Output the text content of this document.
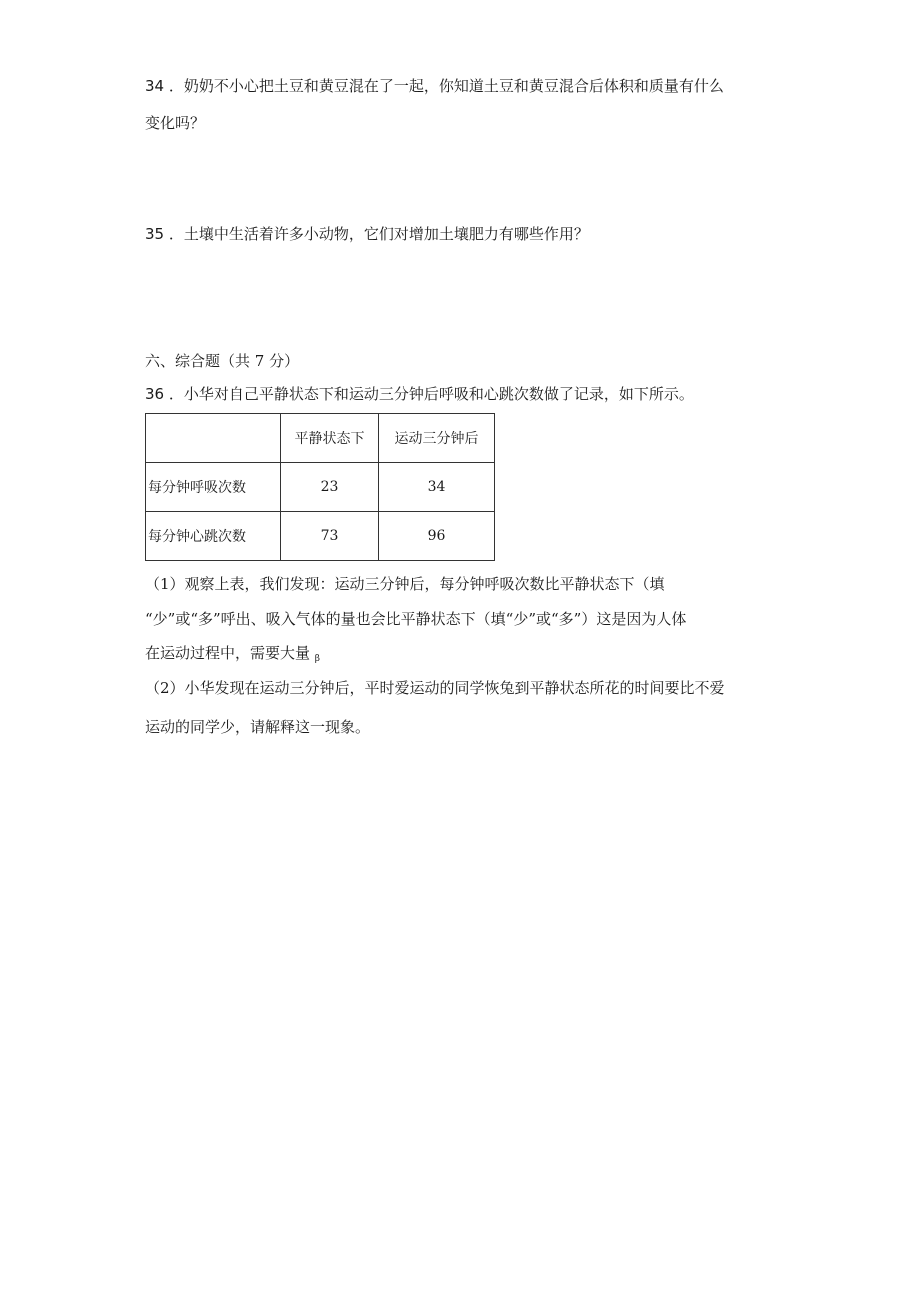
34 ．奶奶不小心把土豆和黄豆混在了一起，你知道土豆和黄豆混合后体积和质量有什么
变化吗？
35 ．土壤中生活着许多小动物，它们对增加土壤肥力有哪些作用？
六、综合题（共 7 分）
36 ．小华对自己平静状态下和运动三分钟后呼吸和心跳次数做了记录，如下所示。
	平静状态下	运动三分钟后
每分钟呼吸次数	23	34
每分钟心跳次数	73	96
（1）观察上表，我们发现：运动三分钟后，每分钟呼吸次数比平静状态下（填
“少”或“多”呼出、吸入气体的量也会比平静状态下（填“少”或“多”）这是因为人体
在运动过程中，需要大量 $_\beta$
（2）小华发现在运动三分钟后，平时爱运动的同学恢兔到平静状态所花的时间要比不爱
运动的同学少，请解释这一现象。
